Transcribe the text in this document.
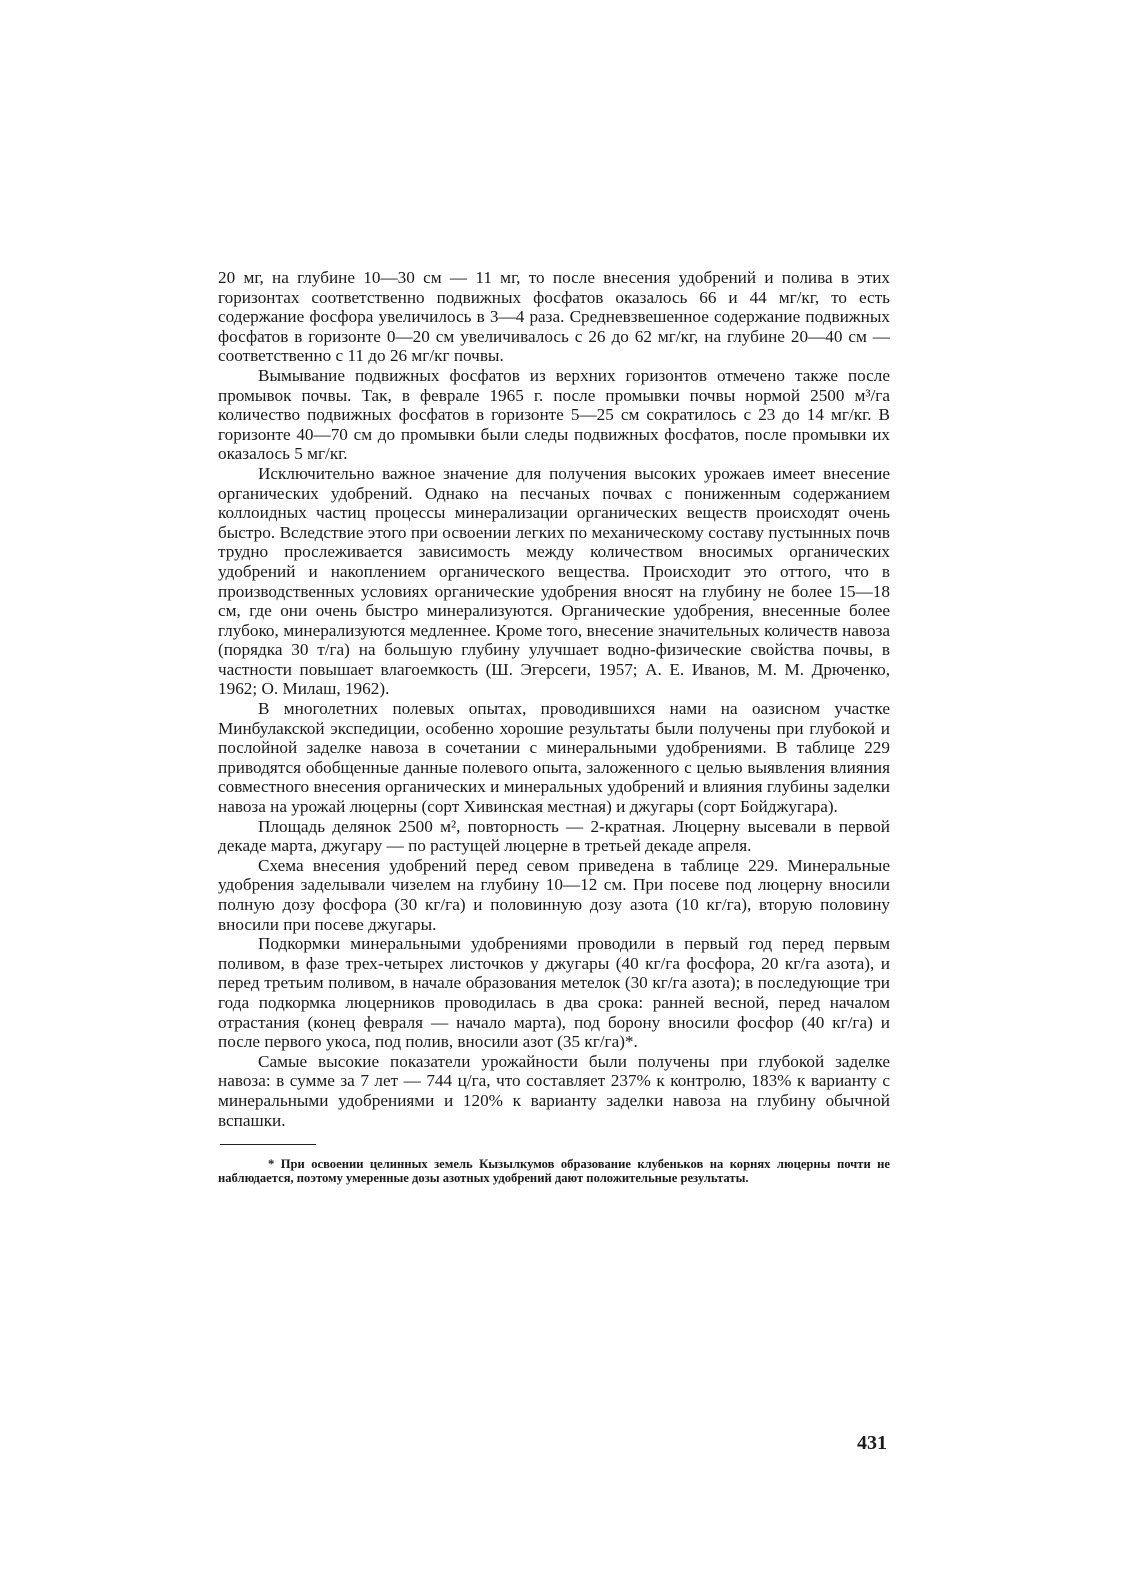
20 мг, на глубине 10—30 см — 11 мг, то после внесения удобрений и полива в этих горизонтах соответственно подвижных фосфатов оказалось 66 и 44 мг/кг, то есть содержание фосфора увеличилось в 3—4 раза. Средневзвешенное содержание подвижных фосфатов в горизонте 0—20 см увеличивалось с 26 до 62 мг/кг, на глубине 20—40 см — соответственно с 11 до 26 мг/кг почвы.

Вымывание подвижных фосфатов из верхних горизонтов отмечено также после промывок почвы. Так, в феврале 1965 г. после промывки почвы нормой 2500 м³/га количество подвижных фосфатов в горизонте 5—25 см сократилось с 23 до 14 мг/кг. В горизонте 40—70 см до промывки были следы подвижных фосфатов, после промывки их оказалось 5 мг/кг.

Исключительно важное значение для получения высоких урожаев имеет внесение органических удобрений. Однако на песчаных почвах с пониженным содержанием коллоидных частиц процессы минерализации органических веществ происходят очень быстро. Вследствие этого при освоении легких по механическому составу пустынных почв трудно прослеживается зависимость между количеством вносимых органических удобрений и накоплением органического вещества. Происходит это оттого, что в производственных условиях органические удобрения вносят на глубину не более 15—18 см, где они очень быстро минерализуются. Органические удобрения, внесенные более глубоко, минерализуются медленнее. Кроме того, внесение значительных количеств навоза (порядка 30 т/га) на большую глубину улучшает водно-физические свойства почвы, в частности повышает влагоемкость (Ш. Эгерсеги, 1957; А. Е. Иванов, М. М. Дрюченко, 1962; О. Милаш, 1962).

В многолетних полевых опытах, проводившихся нами на оазисном участке Минбулакской экспедиции, особенно хорошие результаты были получены при глубокой и послойной заделке навоза в сочетании с минеральными удобрениями. В таблице 229 приводятся обобщенные данные полевого опыта, заложенного с целью выявления влияния совместного внесения органических и минеральных удобрений и влияния глубины заделки навоза на урожай люцерны (сорт Хивинская местная) и джугары (сорт Бойджугара).

Площадь делянок 2500 м², повторность — 2-кратная. Люцерну высевали в первой декаде марта, джугару — по растущей люцерне в третьей декаде апреля.

Схема внесения удобрений перед севом приведена в таблице 229. Минеральные удобрения заделывали чизелем на глубину 10—12 см. При посеве под люцерну вносили полную дозу фосфора (30 кг/га) и половинную дозу азота (10 кг/га), вторую половину вносили при посеве джугары.

Подкормки минеральными удобрениями проводили в первый год перед первым поливом, в фазе трех-четырех листочков у джугары (40 кг/га фосфора, 20 кг/га азота), и перед третьим поливом, в начале образования метелок (30 кг/га азота); в последующие три года подкормка люцерников проводилась в два срока: ранней весной, перед началом отрастания (конец февраля — начало марта), под борону вносили фосфор (40 кг/га) и после первого укоса, под полив, вносили азот (35 кг/га)*.

Самые высокие показатели урожайности были получены при глубокой заделке навоза: в сумме за 7 лет — 744 ц/га, что составляет 237% к контролю, 183% к варианту с минеральными удобрениями и 120% к варианту заделки навоза на глубину обычной вспашки.

* При освоении целинных земель Кызылкумов образование клубеньков на корнях люцерны почти не наблюдается, поэтому умеренные дозы азотных удобрений дают положительные результаты.

431
